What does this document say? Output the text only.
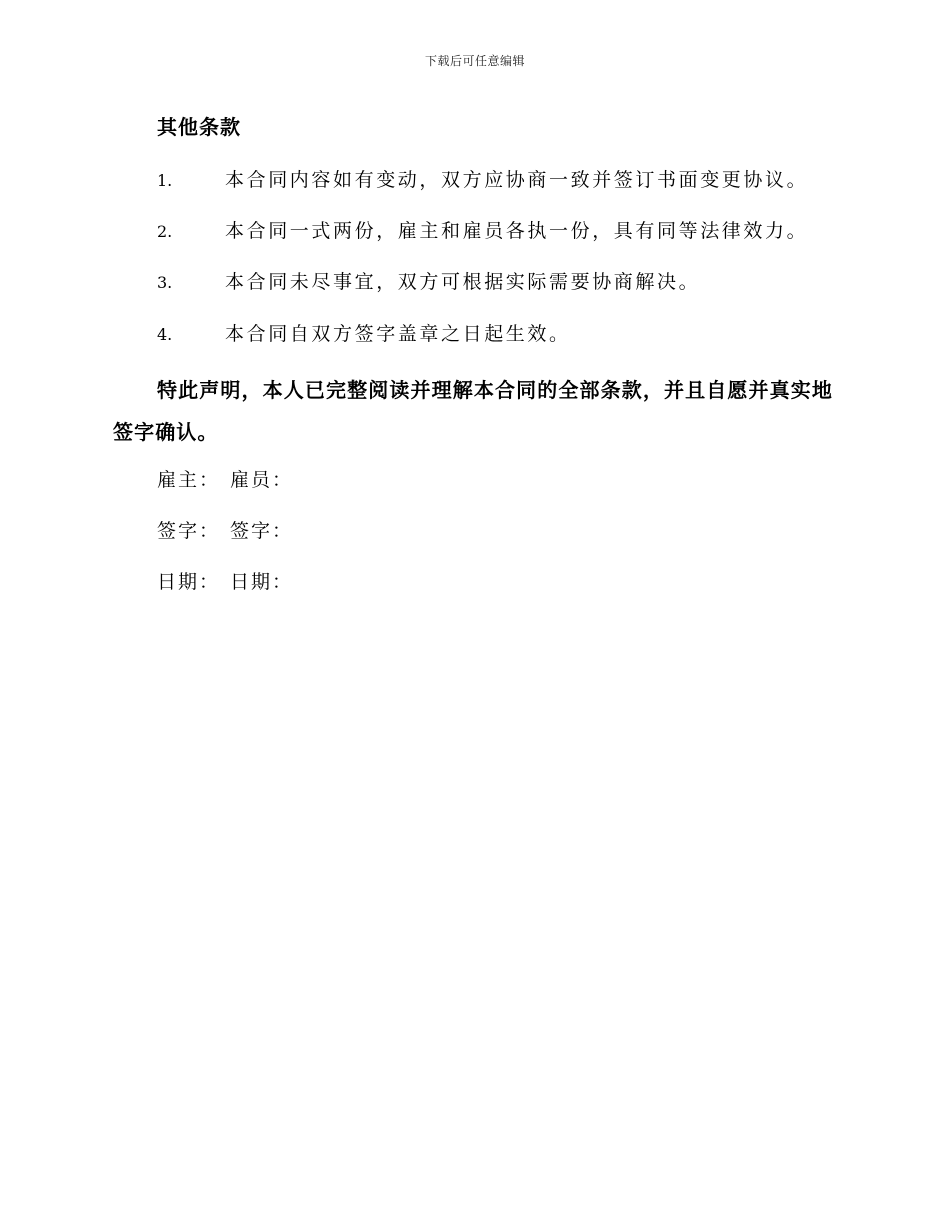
下载后可任意编辑
其他条款
1.	本合同内容如有变动，双方应协商一致并签订书面变更协议。
2.	本合同一式两份，雇主和雇员各执一份，具有同等法律效力。
3.	本合同未尽事宜，双方可根据实际需要协商解决。
4.	本合同自双方签字盖章之日起生效。
特此声明，本人已完整阅读并理解本合同的全部条款，并且自愿并真实地签字确认。
雇主： 雇员：
签字： 签字：
日期： 日期：
